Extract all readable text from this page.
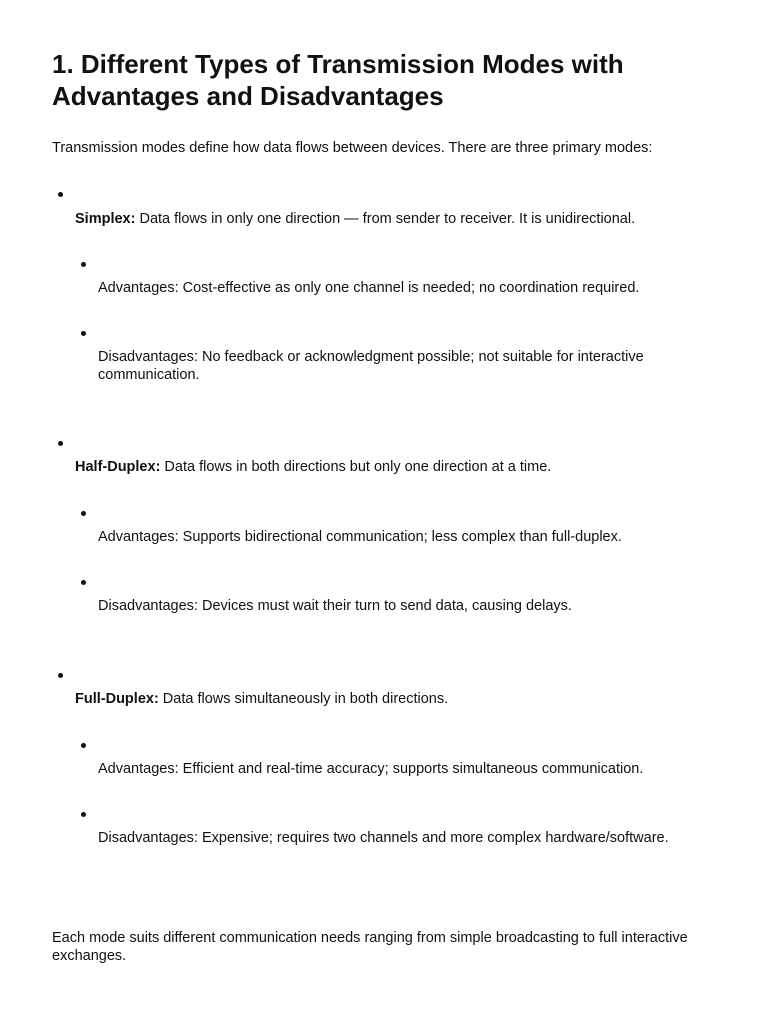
1. Different Types of Transmission Modes with Advantages and Disadvantages
Transmission modes define how data flows between devices. There are three primary modes:
Simplex: Data flows in only one direction — from sender to receiver. It is unidirectional.
Advantages: Cost-effective as only one channel is needed; no coordination required.
Disadvantages: No feedback or acknowledgment possible; not suitable for interactive communication.
Half-Duplex: Data flows in both directions but only one direction at a time.
Advantages: Supports bidirectional communication; less complex than full-duplex.
Disadvantages: Devices must wait their turn to send data, causing delays.
Full-Duplex: Data flows simultaneously in both directions.
Advantages: Efficient and real-time accuracy; supports simultaneous communication.
Disadvantages: Expensive; requires two channels and more complex hardware/software.
Each mode suits different communication needs ranging from simple broadcasting to full interactive exchanges.
